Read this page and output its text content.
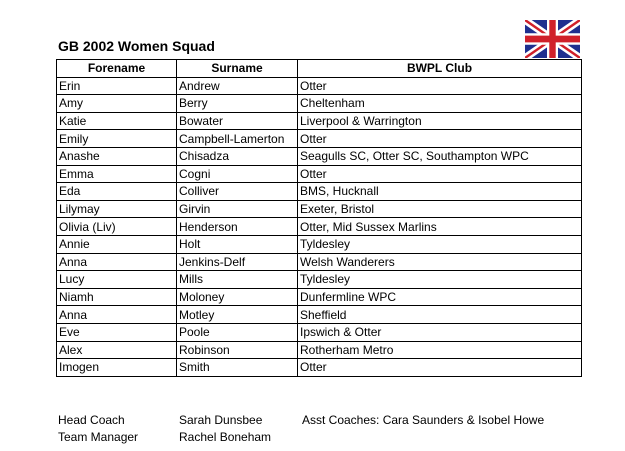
GB 2002 Women Squad
Forename	Surname	BWPL Club
Erin	Andrew	Otter
Amy	Berry	Cheltenham
Katie	Bowater	Liverpool & Warrington
Emily	Campbell-Lamerton	Otter
Anashe	Chisadza	Seagulls SC, Otter SC, Southampton WPC
Emma	Cogni	Otter
Eda	Colliver	BMS, Hucknall
Lilymay	Girvin	Exeter, Bristol
Olivia (Liv)	Henderson	Otter, Mid Sussex Marlins
Annie	Holt	Tyldesley
Anna	Jenkins-Delf	Welsh Wanderers
Lucy	Mills	Tyldesley
Niamh	Moloney	Dunfermline WPC
Anna	Motley	Sheffield
Eve	Poole	Ipswich & Otter
Alex	Robinson	Rotherham Metro
Imogen	Smith	Otter
Head Coach	Sarah Dunsbee	Asst Coaches: Cara Saunders & Isobel Howe
Team Manager	Rachel Boneham
